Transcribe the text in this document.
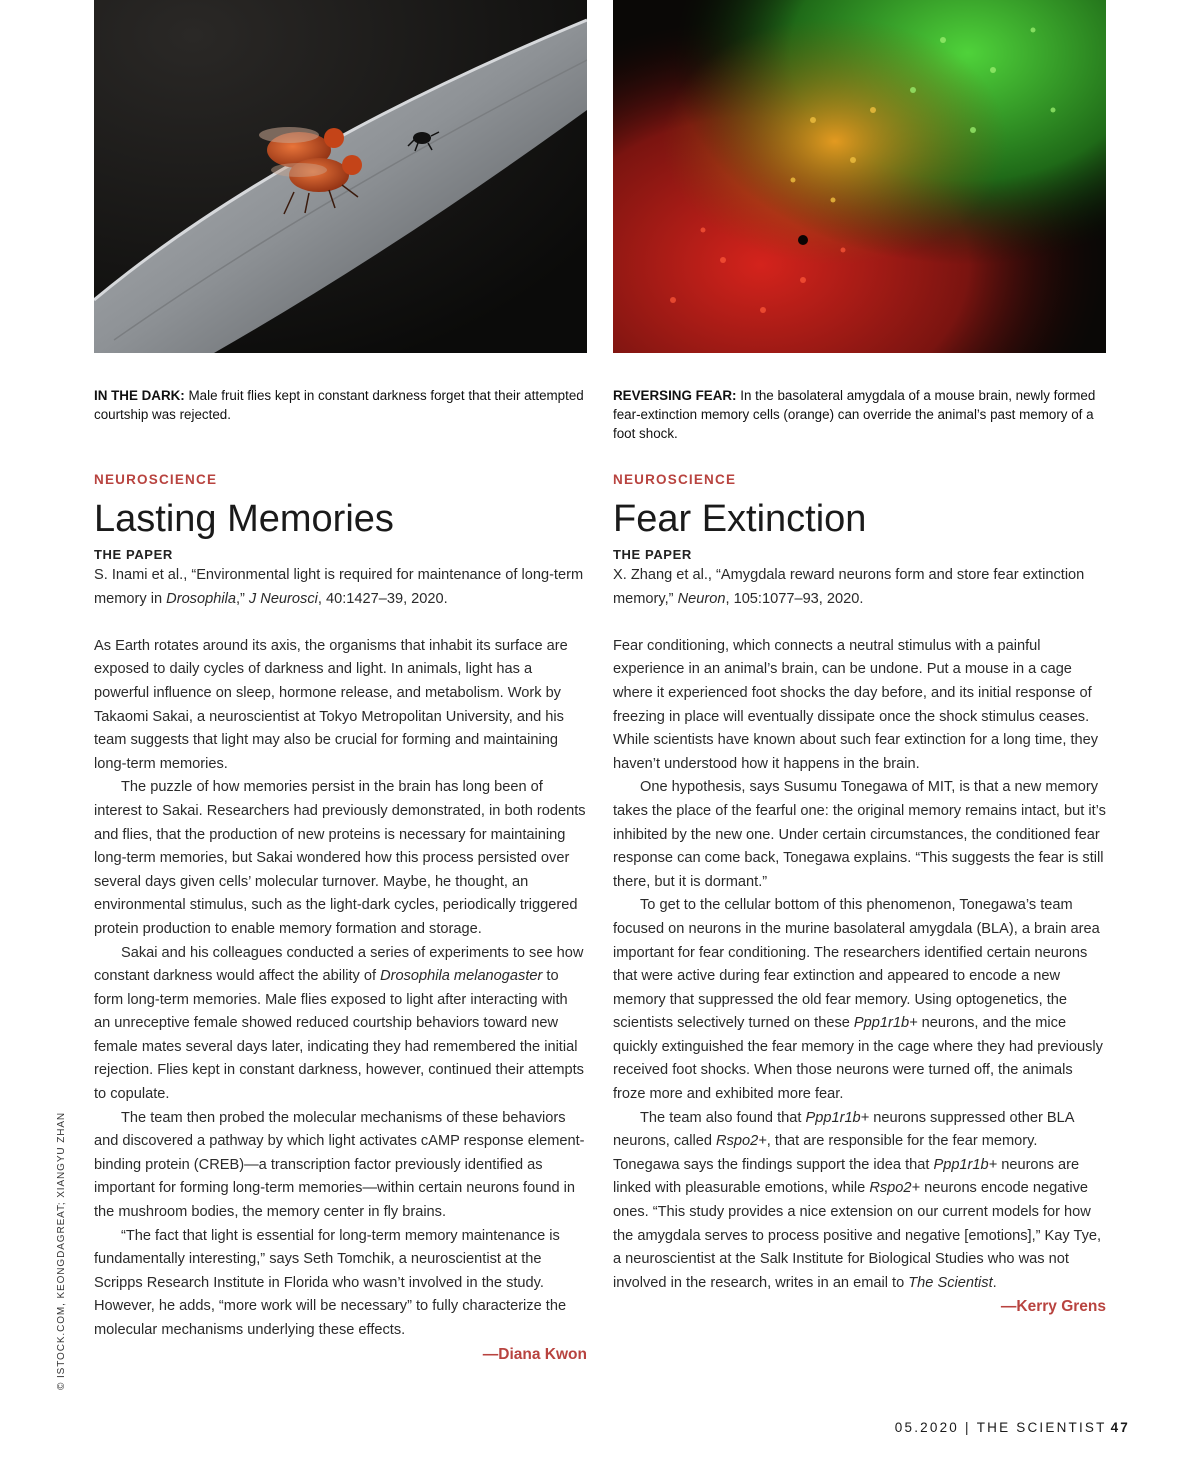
IN THE DARK: Male fruit flies kept in constant darkness forget that their attempted courtship was rejected.

NEUROSCIENCE

Lasting Memories

THE PAPER

S. Inami et al., “Environmental light is required for maintenance of long-term memory in Drosophila,” J Neurosci, 40:1427–39, 2020.

As Earth rotates around its axis, the organisms that inhabit its surface are exposed to daily cycles of darkness and light. In animals, light has a powerful influence on sleep, hormone release, and metabolism. Work by Takaomi Sakai, a neuroscientist at Tokyo Metropolitan University, and his team suggests that light may also be crucial for forming and maintaining long-term memories.

The puzzle of how memories persist in the brain has long been of interest to Sakai. Researchers had previously demonstrated, in both rodents and flies, that the production of new proteins is necessary for maintaining long-term memories, but Sakai wondered how this process persisted over several days given cells’ molecular turnover. Maybe, he thought, an environmental stimulus, such as the light-dark cycles, periodically triggered protein production to enable memory formation and storage.

Sakai and his colleagues conducted a series of experiments to see how constant darkness would affect the ability of Drosophila melanogaster to form long-term memories. Male flies exposed to light after interacting with an unreceptive female showed reduced courtship behaviors toward new female mates several days later, indicating they had remembered the initial rejection. Flies kept in constant darkness, however, continued their attempts to copulate.

The team then probed the molecular mechanisms of these behaviors and discovered a pathway by which light activates cAMP response element-binding protein (CREB)—a transcription factor previously identified as important for forming long-term memories—within certain neurons found in the mushroom bodies, the memory center in fly brains.

“The fact that light is essential for long-term memory maintenance is fundamentally interesting,” says Seth Tomchik, a neuroscientist at the Scripps Research Institute in Florida who wasn’t involved in the study. However, he adds, “more work will be necessary” to fully characterize the molecular mechanisms underlying these effects.

—Diana Kwon

REVERSING FEAR: In the basolateral amygdala of a mouse brain, newly formed fear-extinction memory cells (orange) can override the animal’s past memory of a foot shock.

NEUROSCIENCE

Fear Extinction

THE PAPER

X. Zhang et al., “Amygdala reward neurons form and store fear extinction memory,” Neuron, 105:1077–93, 2020.

Fear conditioning, which connects a neutral stimulus with a painful experience in an animal’s brain, can be undone. Put a mouse in a cage where it experienced foot shocks the day before, and its initial response of freezing in place will eventually dissipate once the shock stimulus ceases. While scientists have known about such fear extinction for a long time, they haven’t understood how it happens in the brain.

One hypothesis, says Susumu Tonegawa of MIT, is that a new memory takes the place of the fearful one: the original memory remains intact, but it’s inhibited by the new one. Under certain circumstances, the conditioned fear response can come back, Tonegawa explains. “This suggests the fear is still there, but it is dormant.”

To get to the cellular bottom of this phenomenon, Tonegawa’s team focused on neurons in the murine basolateral amygdala (BLA), a brain area important for fear conditioning. The researchers identified certain neurons that were active during fear extinction and appeared to encode a new memory that suppressed the old fear memory. Using optogenetics, the scientists selectively turned on these Ppp1r1b+ neurons, and the mice quickly extinguished the fear memory in the cage where they had previously received foot shocks. When those neurons were turned off, the animals froze more and exhibited more fear.

The team also found that Ppp1r1b+ neurons suppressed other BLA neurons, called Rspo2+, that are responsible for the fear memory. Tonegawa says the findings support the idea that Ppp1r1b+ neurons are linked with pleasurable emotions, while Rspo2+ neurons encode negative ones. “This study provides a nice extension on our current models for how the amygdala serves to process positive and negative [emotions],” Kay Tye, a neuroscientist at the Salk Institute for Biological Studies who was not involved in the research, writes in an email to The Scientist.

—Kerry Grens
05.2020 | THE SCIENTIST 47
© ISTOCK.COM, KEONGDAGREAT; XIANGYU ZHAN
